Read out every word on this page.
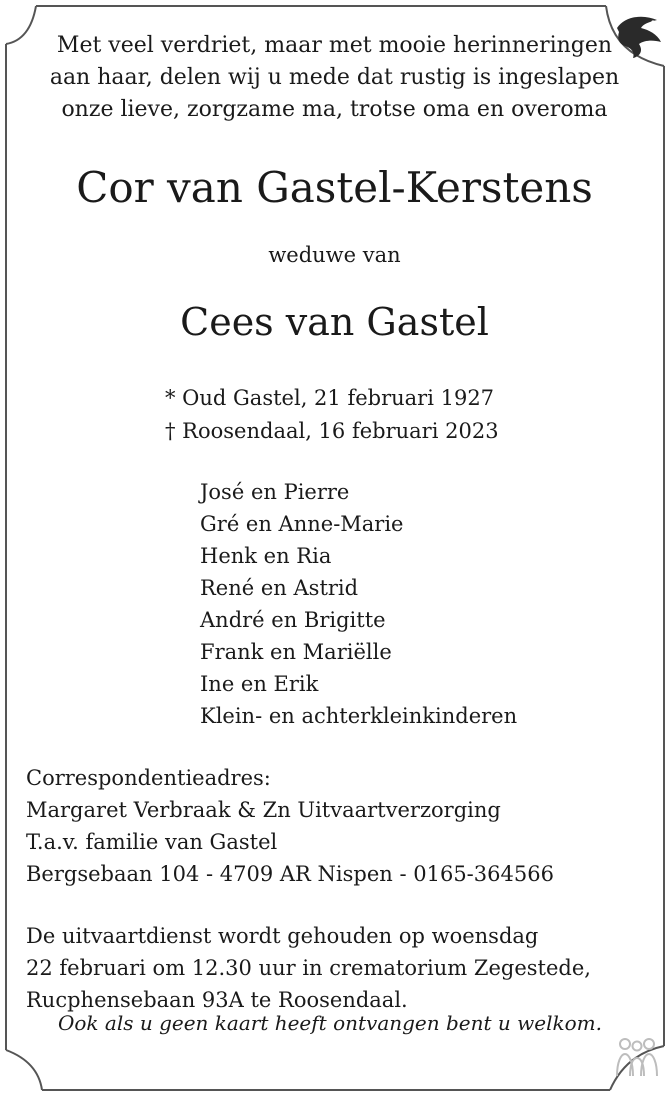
Met veel verdriet, maar met mooie herinneringen
aan haar, delen wij u mede dat rustig is ingeslapen
onze lieve, zorgzame ma, trotse oma en overoma
Cor van Gastel-Kerstens
weduwe van
Cees van Gastel
* Oud Gastel, 21 februari 1927
† Roosendaal, 16 februari 2023
José en Pierre
Gré en Anne-Marie
Henk en Ria
René en Astrid
André en Brigitte
Frank en Mariëlle
Ine en Erik
Klein- en achterkleinkinderen
Correspondentieadres:
Margaret Verbraak & Zn Uitvaartverzorging
T.a.v. familie van Gastel
Bergsebaan 104 - 4709 AR Nispen - 0165-364566
De uitvaartdienst wordt gehouden op woensdag
22 februari om 12.30 uur in crematorium Zegestede,
Rucphensebaan 93A te Roosendaal.
Ook als u geen kaart heeft ontvangen bent u welkom.
